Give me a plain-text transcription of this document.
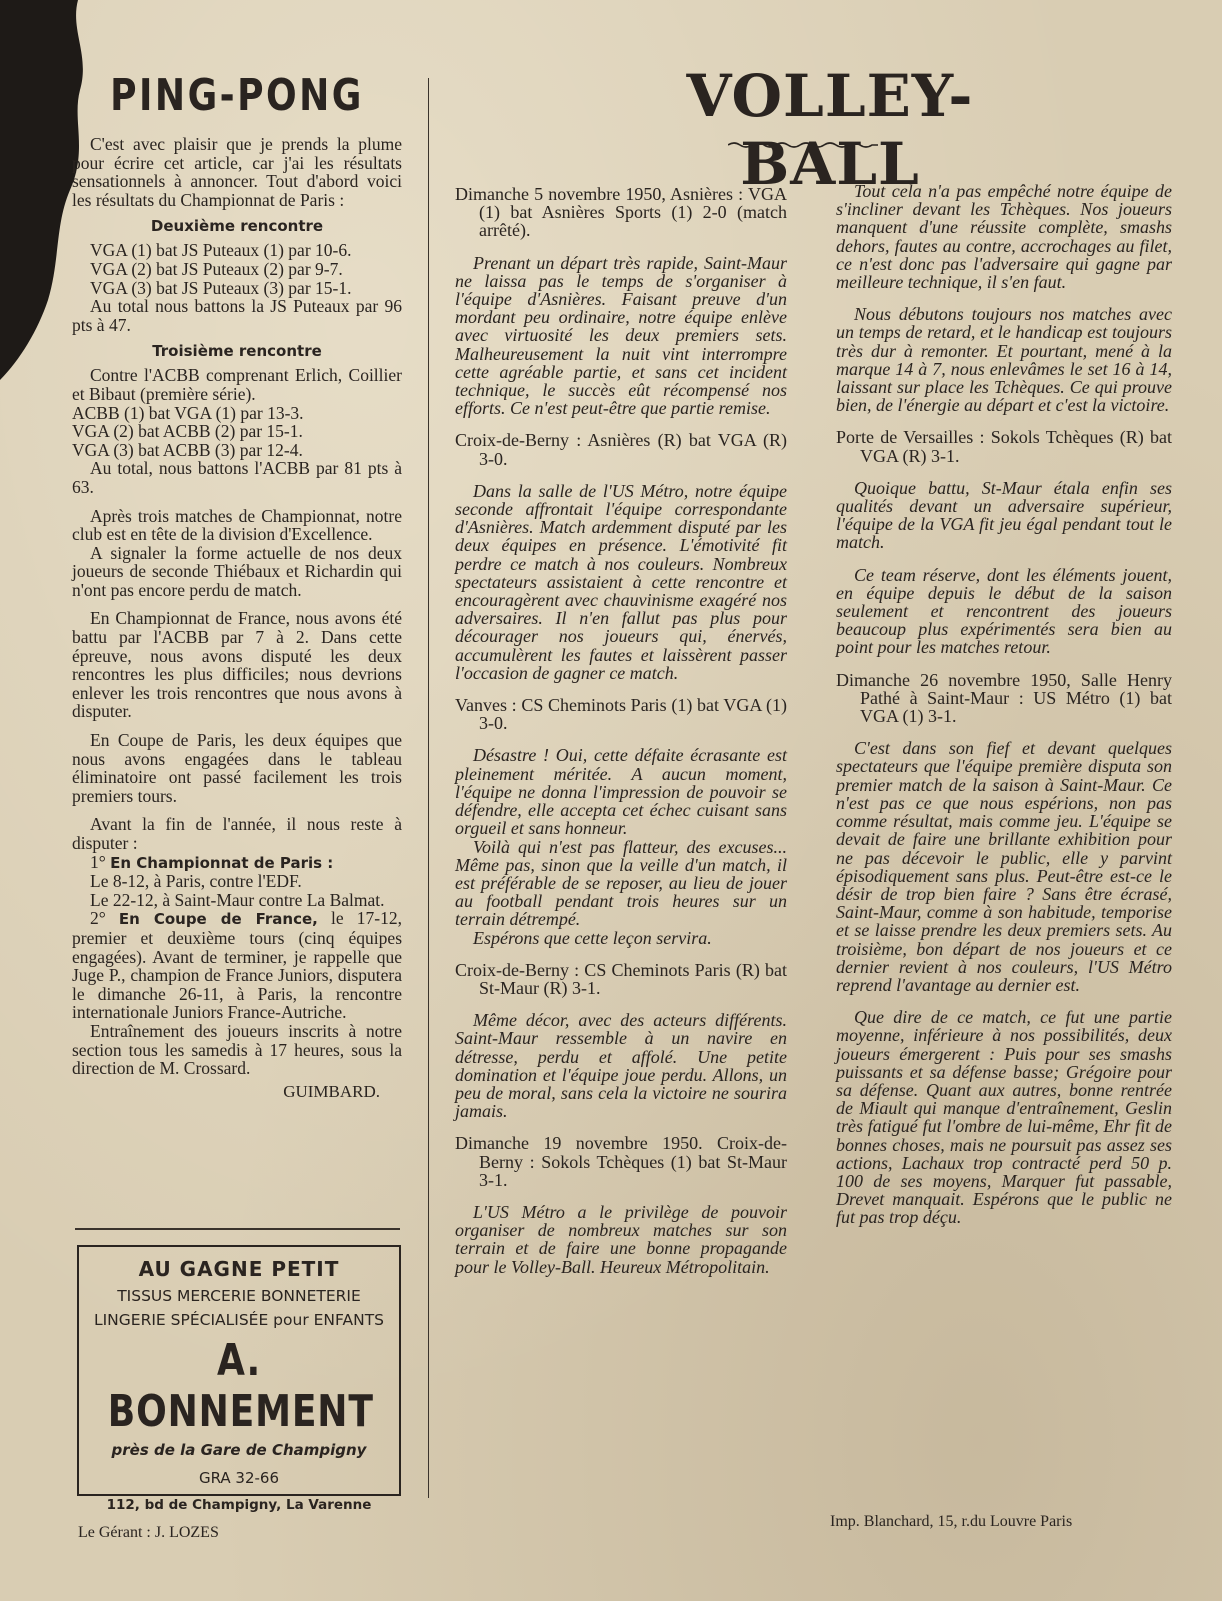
PING-PONG

C'est avec plaisir que je prends la plume pour écrire cet article, car j'ai les résultats sensationnels à annoncer. Tout d'abord voici les résultats du Championnat de Paris :

Deuxième rencontre

VGA (1) bat JS Puteaux (1) par 10-6.

VGA (2) bat JS Puteaux (2) par 9-7.

VGA (3) bat JS Puteaux (3) par 15-1.

Au total nous battons la JS Puteaux par 96 pts à 47.

Troisième rencontre

Contre l'ACBB comprenant Erlich, Coillier et Bibaut (première série).

ACBB (1) bat VGA (1) par 13-3.

VGA (2) bat ACBB (2) par 15-1.

VGA (3) bat ACBB (3) par 12-4.

Au total, nous battons l'ACBB par 81 pts à 63.

Après trois matches de Championnat, notre club est en tête de la division d'Excellence.

A signaler la forme actuelle de nos deux joueurs de seconde Thiébaux et Richardin qui n'ont pas encore perdu de match.

En Championnat de France, nous avons été battu par l'ACBB par 7 à 2. Dans cette épreuve, nous avons disputé les deux rencontres les plus difficiles; nous devrions enlever les trois rencontres que nous avons à disputer.

En Coupe de Paris, les deux équipes que nous avons engagées dans le tableau éliminatoire ont passé facilement les trois premiers tours.

Avant la fin de l'année, il nous reste à disputer :

1° En Championnat de Paris :

Le 8-12, à Paris, contre l'EDF.

Le 22-12, à Saint-Maur contre La Balmat.

2° En Coupe de France, le 17-12, premier et deuxième tours (cinq équipes engagées). Avant de terminer, je rappelle que Juge P., champion de France Juniors, disputera le dimanche 26-11, à Paris, la rencontre internationale Juniors France-Autriche.

Entraînement des joueurs inscrits à notre section tous les samedis à 17 heures, sous la direction de M. Crossard.

GUIMBARD.
AU GAGNE PETIT
TISSUS MERCERIE BONNETERIE
LINGERIE SPÉCIALISÉE pour ENFANTS
A. BONNEMENT
près de la Gare de Champigny
GRA 32-66
112, bd de Champigny, La Varenne
VOLLEY-BALL

Dimanche 5 novembre 1950, Asnières : VGA (1) bat Asnières Sports (1) 2-0 (match arrêté).

Prenant un départ très rapide, Saint-Maur ne laissa pas le temps de s'organiser à l'équipe d'Asnières. Faisant preuve d'un mordant peu ordinaire, notre équipe enlève avec virtuosité les deux premiers sets. Malheureusement la nuit vint interrompre cette agréable partie, et sans cet incident technique, le succès eût récompensé nos efforts. Ce n'est peut-être que partie remise.

Croix-de-Berny : Asnières (R) bat VGA (R) 3-0.

Dans la salle de l'US Métro, notre équipe seconde affrontait l'équipe correspondante d'Asnières. Match ardemment disputé par les deux équipes en présence. L'émotivité fit perdre ce match à nos couleurs. Nombreux spectateurs assistaient à cette rencontre et encouragèrent avec chauvinisme exagéré nos adversaires. Il n'en fallut pas plus pour décourager nos joueurs qui, énervés, accumulèrent les fautes et laissèrent passer l'occasion de gagner ce match.

Vanves : CS Cheminots Paris (1) bat VGA (1) 3-0.

Désastre ! Oui, cette défaite écrasante est pleinement méritée. A aucun moment, l'équipe ne donna l'impression de pouvoir se défendre, elle accepta cet échec cuisant sans orgueil et sans honneur.

Voilà qui n'est pas flatteur, des excuses... Même pas, sinon que la veille d'un match, il est préférable de se reposer, au lieu de jouer au football pendant trois heures sur un terrain détrempé.

Espérons que cette leçon servira.

Croix-de-Berny : CS Cheminots Paris (R) bat St-Maur (R) 3-1.

Même décor, avec des acteurs différents. Saint-Maur ressemble à un navire en détresse, perdu et affolé. Une petite domination et l'équipe joue perdu. Allons, un peu de moral, sans cela la victoire ne sourira jamais.

Dimanche 19 novembre 1950. Croix-de-Berny : Sokols Tchèques (1) bat St-Maur 3-1.

L'US Métro a le privilège de pouvoir organiser de nombreux matches sur son terrain et de faire une bonne propagande pour le Volley-Ball. Heureux Métropolitain.

Tout cela n'a pas empêché notre équipe de s'incliner devant les Tchèques. Nos joueurs manquent d'une réussite complète, smashs dehors, fautes au contre, accrochages au filet, ce n'est donc pas l'adversaire qui gagne par meilleure technique, il s'en faut.

Nous débutons toujours nos matches avec un temps de retard, et le handicap est toujours très dur à remonter. Et pourtant, mené à la marque 14 à 7, nous enlevâmes le set 16 à 14, laissant sur place les Tchèques. Ce qui prouve bien, de l'énergie au départ et c'est la victoire.

Porte de Versailles : Sokols Tchèques (R) bat VGA (R) 3-1.

Quoique battu, St-Maur étala enfin ses qualités devant un adversaire supérieur, l'équipe de la VGA fit jeu égal pendant tout le match.

Ce team réserve, dont les éléments jouent, en équipe depuis le début de la saison seulement et rencontrent des joueurs beaucoup plus expérimentés sera bien au point pour les matches retour.

Dimanche 26 novembre 1950, Salle Henry Pathé à Saint-Maur : US Métro (1) bat VGA (1) 3-1.

C'est dans son fief et devant quelques spectateurs que l'équipe première disputa son premier match de la saison à Saint-Maur. Ce n'est pas ce que nous espérions, non pas comme résultat, mais comme jeu. L'équipe se devait de faire une brillante exhibition pour ne pas décevoir le public, elle y parvint épisodiquement sans plus. Peut-être est-ce le désir de trop bien faire ? Sans être écrasé, Saint-Maur, comme à son habitude, temporise et se laisse prendre les deux premiers sets. Au troisième, bon départ de nos joueurs et ce dernier revient à nos couleurs, l'US Métro reprend l'avantage au dernier est.

Que dire de ce match, ce fut une partie moyenne, inférieure à nos possibilités, deux joueurs émergerent : Puis pour ses smashs puissants et sa défense basse; Grégoire pour sa défense. Quant aux autres, bonne rentrée de Miault qui manque d'entraînement, Geslin très fatigué fut l'ombre de lui-même, Ehr fit de bonnes choses, mais ne poursuit pas assez ses actions, Lachaux trop contracté perd 50 p. 100 de ses moyens, Marquer fut passable, Drevet manquait. Espérons que le public ne fut pas trop déçu.

Le Gérant : J. LOZES
Imp. Blanchard, 15, r.du Louvre Paris
